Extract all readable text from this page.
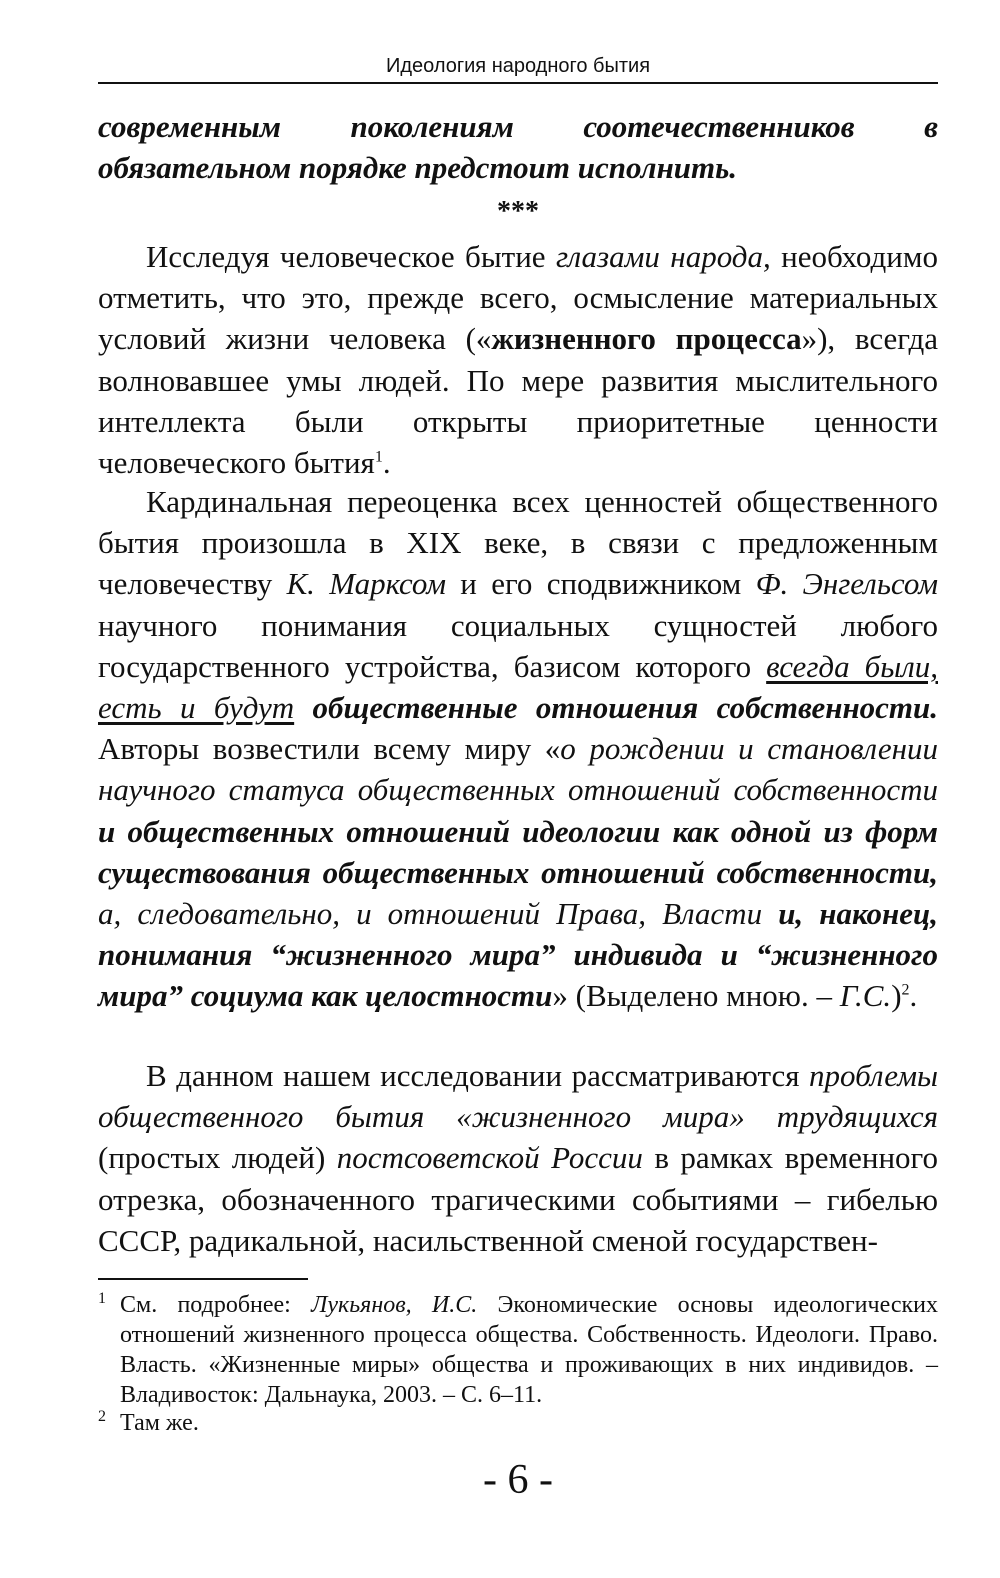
Идеология народного бытия

современным поколениям соотечественников в обязательном порядке предстоит исполнить.

***

Исследуя человеческое бытие глазами народа, необходимо отметить, что это, прежде всего, осмысление материальных условий жизни человека («жизненного процесса»), всегда волновавшее умы людей. По мере развития мыслительного интеллекта были открыты приоритетные ценности человеческого бытия$^1$.

Кардинальная переоценка всех ценностей общественного бытия произошла в XIX веке, в связи с предложенным человечеству К. Марксом и его сподвижником Ф. Энгельсом научного понимания социальных сущностей любого государственного устройства, базисом которого всегда были, есть и будут общественные отношения собственности. Авторы возвестили всему миру «о рождении и становлении научного статуса общественных отношений собственности и общественных отношений идеологии как одной из форм существования общественных отношений собственности, а, следовательно, и отношений Права, Власти и, наконец, понимания “жизненного мира” индивида и “жизненного мира” социума как целостности» (Выделено мною. – Г.С.)$^2$.

В данном нашем исследовании рассматриваются проблемы общественного бытия «жизненного мира» трудящихся (простых людей) постсоветской России в рамках временного отрезка, обозначенного трагическими событиями – гибелью СССР, радикальной, насильственной сменой государствен-

1 См. подробнее: Лукьянов, И.С. Экономические основы идеологических отношений жизненного процесса общества. Собственность. Идеологи. Право. Власть. «Жизненные миры» общества и проживающих в них индивидов. – Владивосток: Дальнаука, 2003. – С. 6–11.
2 Там же.
- 6 -
